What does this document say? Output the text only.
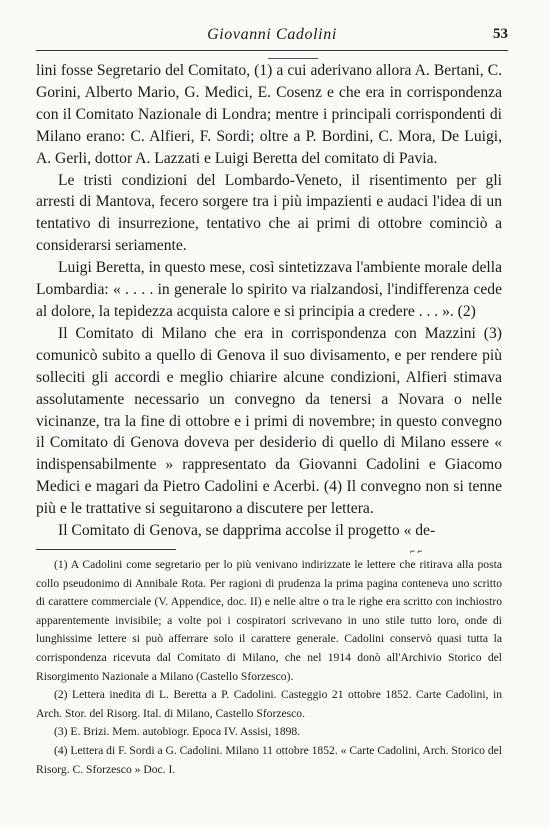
Giovanni Cadolini	53

lini fosse Segretario del Comitato, (1) a cui aderivano allora A. Bertani, C. Gorini, Alberto Mario, G. Medici, E. Cosenz e che era in corrispondenza con il Comitato Nazionale di Londra; mentre i principali corrispondenti di Milano erano: C. Alfieri, F. Sordi; oltre a P. Bordini, C. Mora, De Luigi, A. Gerli, dottor A. Lazzati e Luigi Beretta del comitato di Pavia.

Le tristi condizioni del Lombardo-Veneto, il risentimento per gli arresti di Mantova, fecero sorgere tra i più impazienti e audaci l'idea di un tentativo di insurrezione, tentativo che ai primi di ottobre cominciò a considerarsi seriamente.

Luigi Beretta, in questo mese, così sintetizzava l'ambiente morale della Lombardia: « . . . . in generale lo spirito va rialzandosi, l'indifferenza cede al dolore, la tepidezza acquista calore e si principia a credere . . . ». (2)

Il Comitato di Milano che era in corrispondenza con Mazzini (3) comunicò subito a quello di Genova il suo divisamento, e per rendere più solleciti gli accordi e meglio chiarire alcune condizioni, Alfieri stimava assolutamente necessario un convegno da tenersi a Novara o nelle vicinanze, tra la fine di ottobre e i primi di novembre; in questo convegno il Comitato di Genova doveva per desiderio di quello di Milano essere « indispensabilmente » rappresentato da Giovanni Cadolini e Giacomo Medici e magari da Pietro Cadolini e Acerbi. (4) Il convegno non si tenne più e le trattative si seguitarono a discutere per lettera.

Il Comitato di Genova, se dapprima accolse il progetto « de-

⌐ ⌐

(1) A Cadolini come segretario per lo più venivano indirizzate le lettere che ritirava alla posta collo pseudonimo di Annibale Rota. Per ragioni di prudenza la prima pagina conteneva uno scritto di carattere commerciale (V. Appendice, doc. II) e nelle altre o tra le righe era scritto con inchiostro apparentemente invisibile; a volte poi i cospiratori scrivevano in uno stile tutto loro, onde di lunghissime lettere si può afferrare solo il carattere generale. Cadolini conservò quasi tutta la corrispondenza ricevuta dal Comitato di Milano, che nel 1914 donò all'Archivio Storico del Risorgimento Nazionale a Milano (Castello Sforzesco).

(2) Lettera inedita di L. Beretta a P. Cadolini. Casteggio 21 ottobre 1852. Carte Cadolini, in Arch. Stor. del Risorg. Ital. di Milano, Castello Sforzesco.

(3) E. Brizi. Mem. autobiogr. Epoca IV. Assisi, 1898.

(4) Lettera di F. Sordi a G. Cadolini. Milano 11 ottobre 1852. « Carte Cadolini, Arch. Storico del Risorg. C. Sforzesco » Doc. I.
